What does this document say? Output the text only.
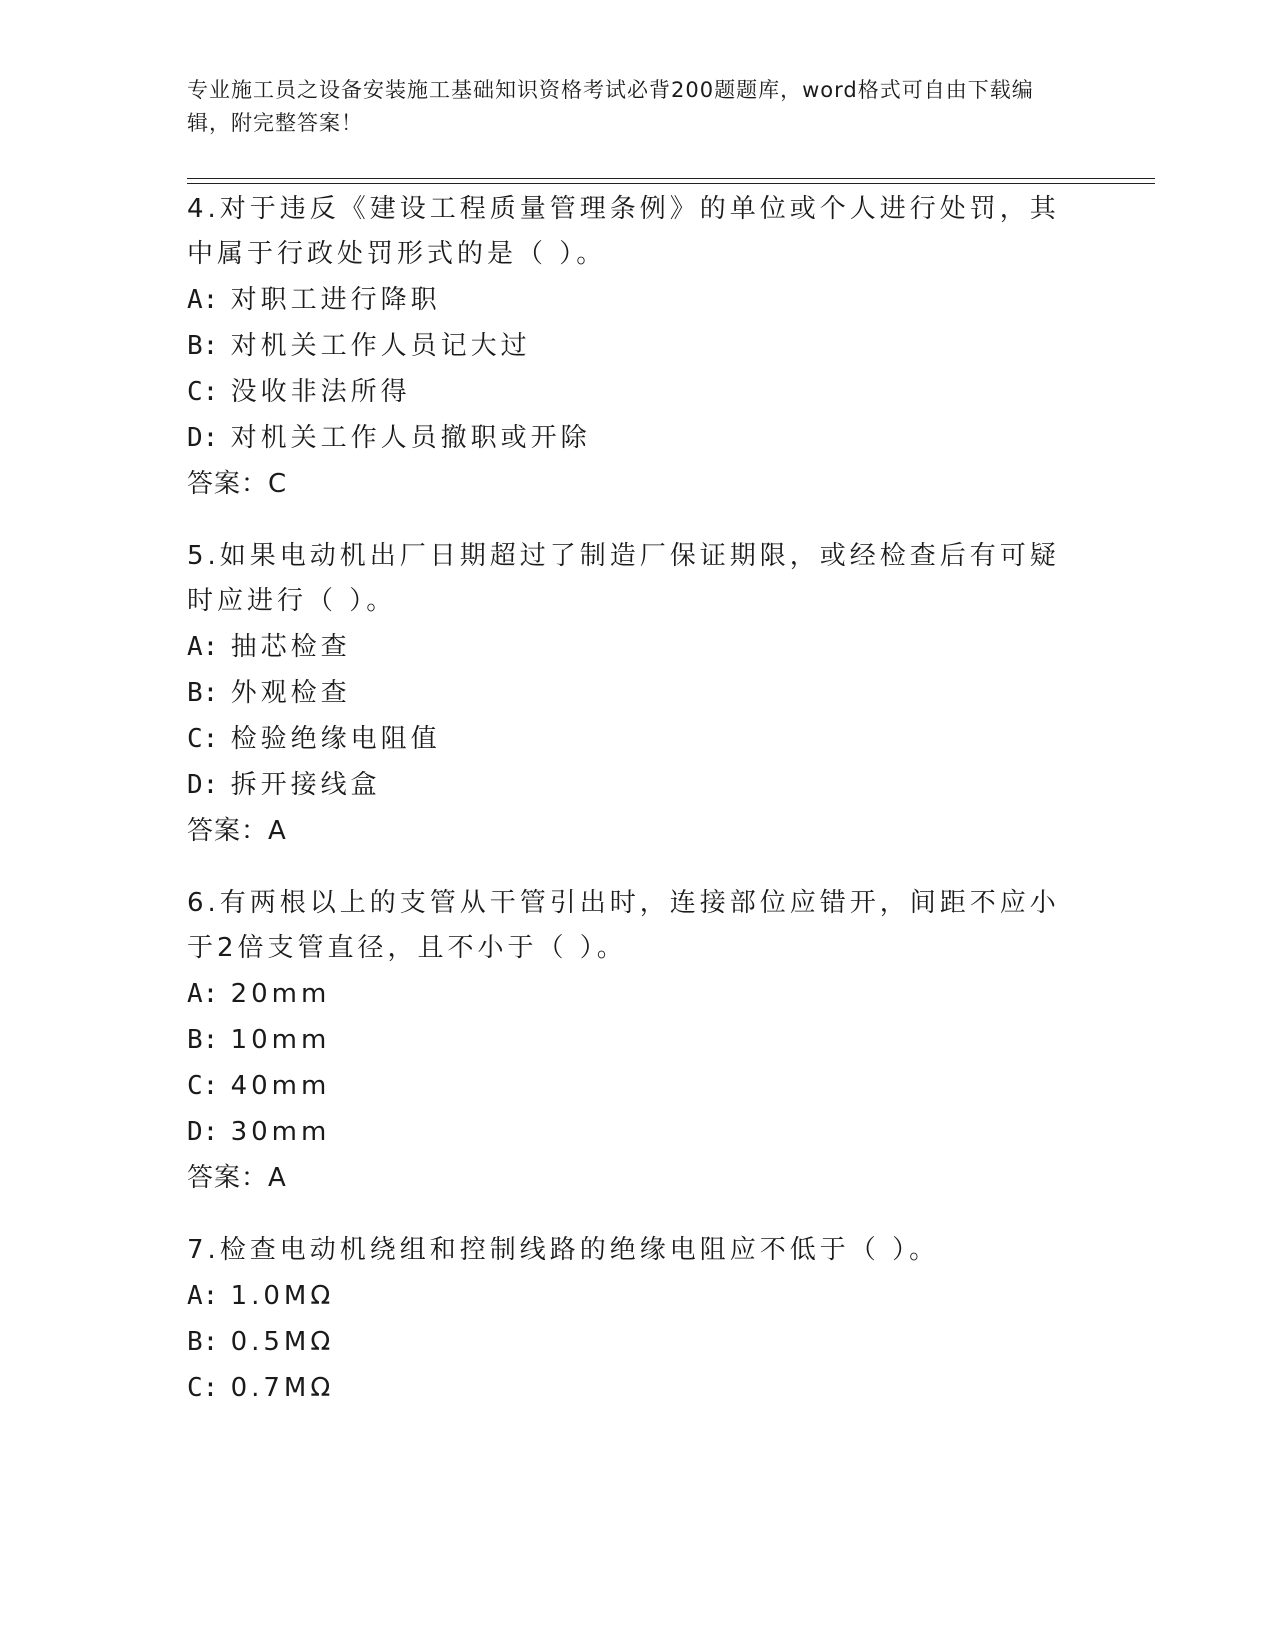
专业施工员之设备安装施工基础知识资格考试必背200题题库，word格式可自由下载编辑，附完整答案！

4.对于违反《建设工程质量管理条例》的单位或个人进行处罚，其中属于行政处罚形式的是（ ）。

A: 对职工进行降职

B: 对机关工作人员记大过

C: 没收非法所得

D: 对机关工作人员撤职或开除

答案：C

5.如果电动机出厂日期超过了制造厂保证期限，或经检查后有可疑时应进行（ ）。

A: 抽芯检查

B: 外观检查

C: 检验绝缘电阻值

D: 拆开接线盒

答案：A

6.有两根以上的支管从干管引出时，连接部位应错开，间距不应小于2倍支管直径，且不小于（ ）。

A: 20mm

B: 10mm

C: 40mm

D: 30mm

答案：A

7.检查电动机绕组和控制线路的绝缘电阻应不低于（ ）。

A: 1.0MΩ

B: 0.5MΩ

C: 0.7MΩ
